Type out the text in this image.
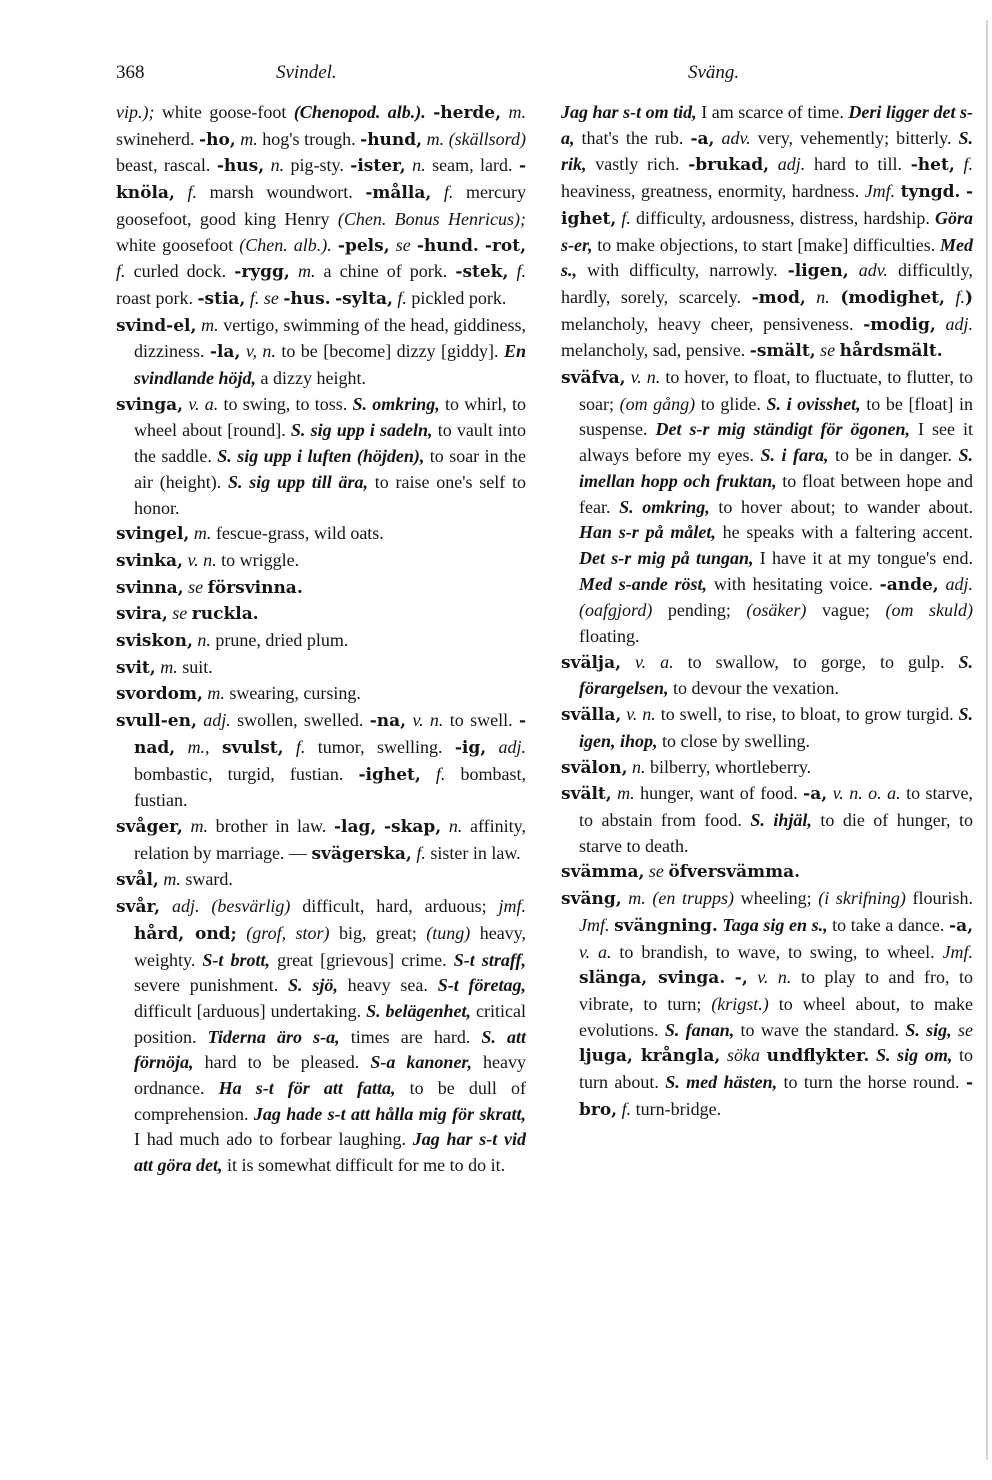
368	Svindel.	Sväng.

vip.); white goose-foot (Chenopod. alb.). -herde, m. swineherd. -ho, m. hog's trough. -hund, m. (skällsord) beast, rascal. -hus, n. pig-sty. -ister, n. seam, lard. -knöla, f. marsh woundwort. -målla, f. mercury goosefoot, good king Henry (Chen. Bonus Henricus); white goosefoot (Chen. alb.). -pels, se -hund. -rot, f. curled dock. -rygg, m. a chine of pork. -stek, f. roast pork. -stia, f. se -hus. -sylta, f. pickled pork.

svind-el, m. vertigo, swimming of the head, giddiness, dizziness. -la, v, n. to be [become] dizzy [giddy]. En svindlande höjd, a dizzy height.

svinga, v. a. to swing, to toss. S. omkring, to whirl, to wheel about [round]. S. sig upp i sadeln, to vault into the saddle. S. sig upp i luften (höjden), to soar in the air (height). S. sig upp till ära, to raise one's self to honor.

svingel, m. fescue-grass, wild oats.

svinka, v. n. to wriggle.

svinna, se försvinna.

svira, se ruckla.

sviskon, n. prune, dried plum.

svit, m. suit.

svordom, m. swearing, cursing.

svull-en, adj. swollen, swelled. -na, v. n. to swell. -nad, m., svulst, f. tumor, swelling. -ig, adj. bombastic, turgid, fustian. -ighet, f. bombast, fustian.

svåger, m. brother in law. -lag, -skap, n. affinity, relation by marriage. — svägerska, f. sister in law.

svål, m. sward.

svår, adj. (besvärlig) difficult, hard, arduous; jmf. hård, ond; (grof, stor) big, great; (tung) heavy, weighty. S-t brott, great [grievous] crime. S-t straff, severe punishment. S. sjö, heavy sea. S-t företag, difficult [arduous] undertaking. S. belägenhet, critical position. Tiderna äro s-a, times are hard. S. att förnöja, hard to be pleased. S-a kanoner, heavy ordnance. Ha s-t för att fatta, to be dull of comprehension. Jag hade s-t att hålla mig för skratt, I had much ado to forbear laughing. Jag har s-t vid att göra det, it is somewhat difficult for me to do it.

Jag har s-t om tid, I am scarce of time. Deri ligger det s-a, that's the rub. -a, adv. very, vehemently; bitterly. S. rik, vastly rich. -brukad, adj. hard to till. -het, f. heaviness, greatness, enormity, hardness. Jmf. tyngd. -ighet, f. difficulty, ardousness, distress, hardship. Göra s-er, to make objections, to start [make] difficulties. Med s., with difficulty, narrowly. -ligen, adv. difficultly, hardly, sorely, scarcely. -mod, n. (modighet, f.) melancholy, heavy cheer, pensiveness. -modig, adj. melancholy, sad, pensive. -smält, se hårdsmält.

sväfva, v. n. to hover, to float, to fluctuate, to flutter, to soar; (om gång) to glide. S. i ovisshet, to be [float] in suspense. Det s-r mig ständigt för ögonen, I see it always before my eyes. S. i fara, to be in danger. S. imellan hopp och fruktan, to float between hope and fear. S. omkring, to hover about; to wander about. Han s-r på målet, he speaks with a faltering accent. Det s-r mig på tungan, I have it at my tongue's end. Med s-ande röst, with hesitating voice. -ande, adj. (oafgjord) pending; (osäker) vague; (om skuld) floating.

svälja, v. a. to swallow, to gorge, to gulp. S. förargelsen, to devour the vexation.

svälla, v. n. to swell, to rise, to bloat, to grow turgid. S. igen, ihop, to close by swelling.

svälon, n. bilberry, whortleberry.

svält, m. hunger, want of food. -a, v. n. o. a. to starve, to abstain from food. S. ihjäl, to die of hunger, to starve to death.

svämma, se öfversvämma.

sväng, m. (en trupps) wheeling; (i skrifning) flourish. Jmf. svängning. Taga sig en s., to take a dance. -a, v. a. to brandish, to wave, to swing, to wheel. Jmf. slänga, svinga. -, v. n. to play to and fro, to vibrate, to turn; (krigst.) to wheel about, to make evolutions. S. fanan, to wave the standard. S. sig, se ljuga, krångla, söka undflykter. S. sig om, to turn about. S. med hästen, to turn the horse round. -bro, f. turn-bridge.
